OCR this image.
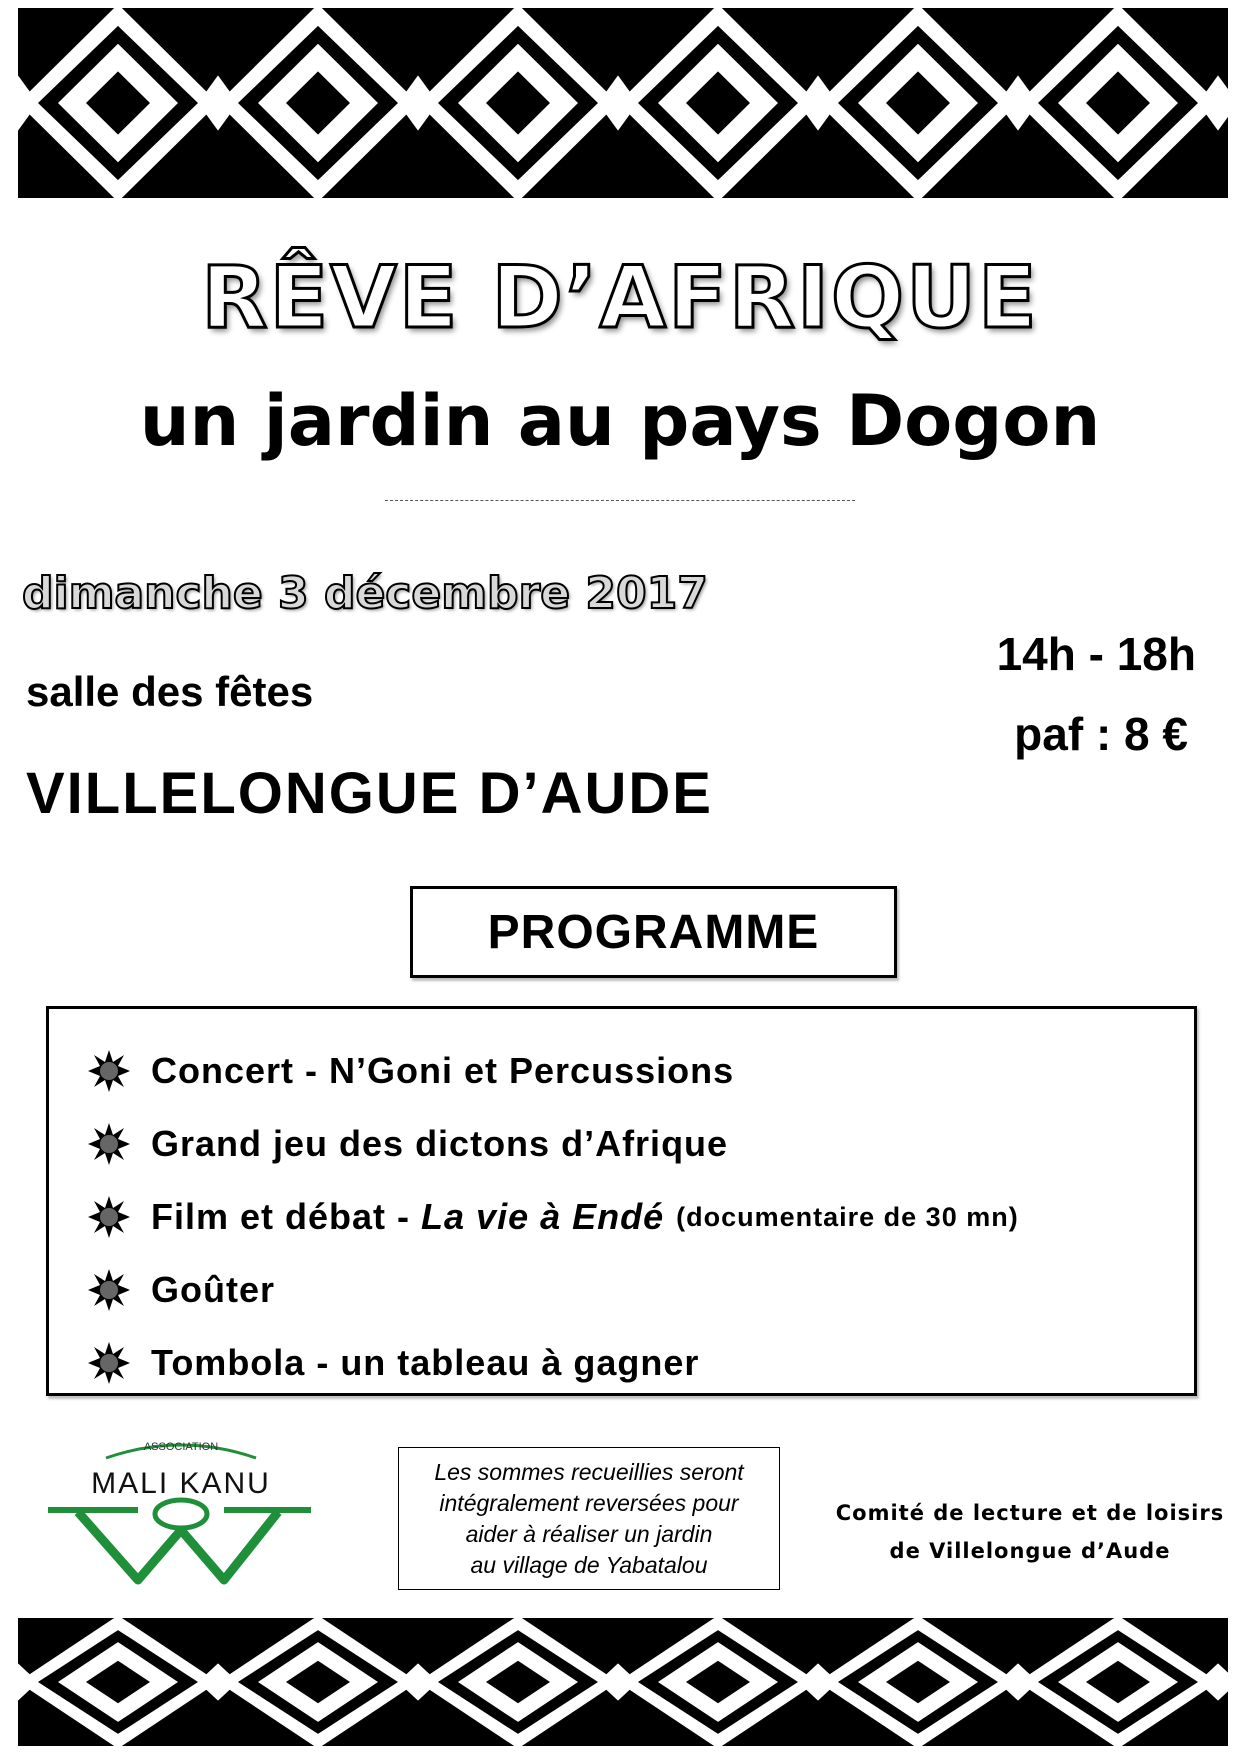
RÊVE D’AFRIQUE
un jardin au pays Dogon
dimanche 3 décembre 2017
salle des fêtes
VILLELONGUE D’AUDE
14h - 18h
paf : 8 €
PROGRAMME
Concert - N’Goni et Percussions
Grand jeu des dictons d’Afrique
Film et débat - La vie à Endé (documentaire de 30 mn)
Goûter
Tombola - un tableau à gagner
ASSOCIATION
MALI KANU	Les sommes recueillies seront
intégralement reversées pour
aider à réaliser un jardin
au village de Yabatalou
Comité de lecture et de loisirs
de Villelongue d’Aude
